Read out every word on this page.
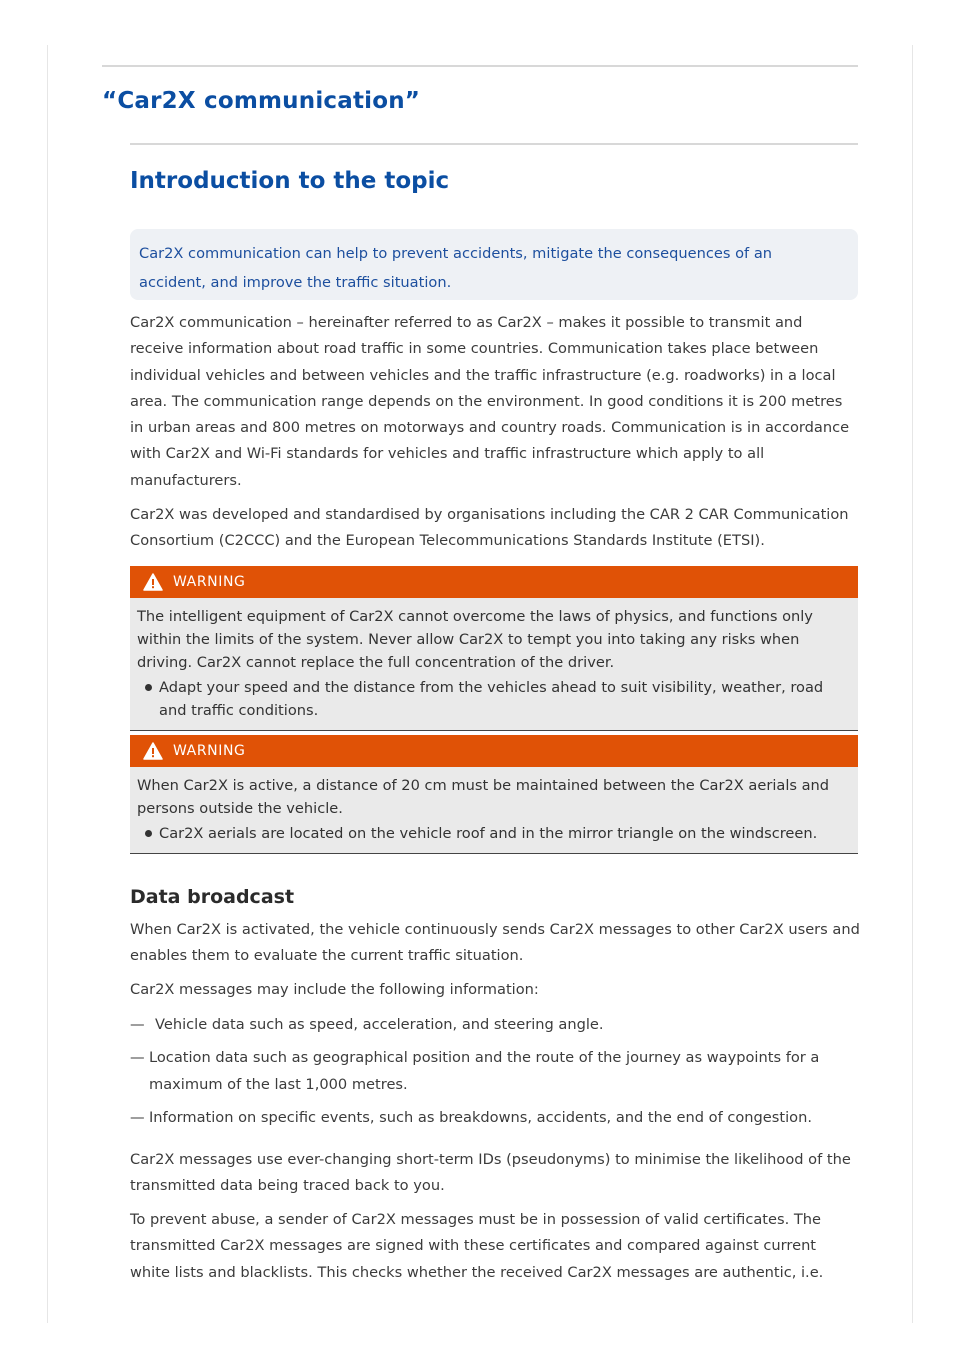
“Car2X communication”
Introduction to the topic
Car2X communication can help to prevent accidents, mitigate the consequences of an accident, and improve the traffic situation.

Car2X communication – hereinafter referred to as Car2X – makes it possible to transmit and receive information about road traffic in some countries. Communication takes place between individual vehicles and between vehicles and the traffic infrastructure (e.g. roadworks) in a local area. The communication range depends on the environment. In good conditions it is 200 metres in urban areas and 800 metres on motorways and country roads. Communication is in accordance with Car2X and Wi-Fi standards for vehicles and traffic infrastructure which apply to all manufacturers.

Car2X was developed and standardised by organisations including the CAR 2 CAR Communication Consortium (C2CCC) and the European Telecommunications Standards Institute (ETSI).

WARNING

The intelligent equipment of Car2X cannot overcome the laws of physics, and functions only within the limits of the system. Never allow Car2X to tempt you into taking any risks when driving. Car2X cannot replace the full concentration of the driver.

Adapt your speed and the distance from the vehicles ahead to suit visibility, weather, road and traffic conditions.
WARNING

When Car2X is active, a distance of 20 cm must be maintained between the Car2X aerials and persons outside the vehicle.

Car2X aerials are located on the vehicle roof and in the mirror triangle on the windscreen.
Data broadcast

When Car2X is activated, the vehicle continuously sends Car2X messages to other Car2X users and enables them to evaluate the current traffic situation.

Car2X messages may include the following information:

— Vehicle data such as speed, acceleration, and steering angle.
— Location data such as geographical position and the route of the journey as waypoints for a maximum of the last 1,000 metres.
— Information on specific events, such as breakdowns, accidents, and the end of congestion.

Car2X messages use ever-changing short-term IDs (pseudonyms) to minimise the likelihood of the transmitted data being traced back to you.

To prevent abuse, a sender of Car2X messages must be in possession of valid certificates. The transmitted Car2X messages are signed with these certificates and compared against current white lists and blacklists. This checks whether the received Car2X messages are authentic, i.e.
